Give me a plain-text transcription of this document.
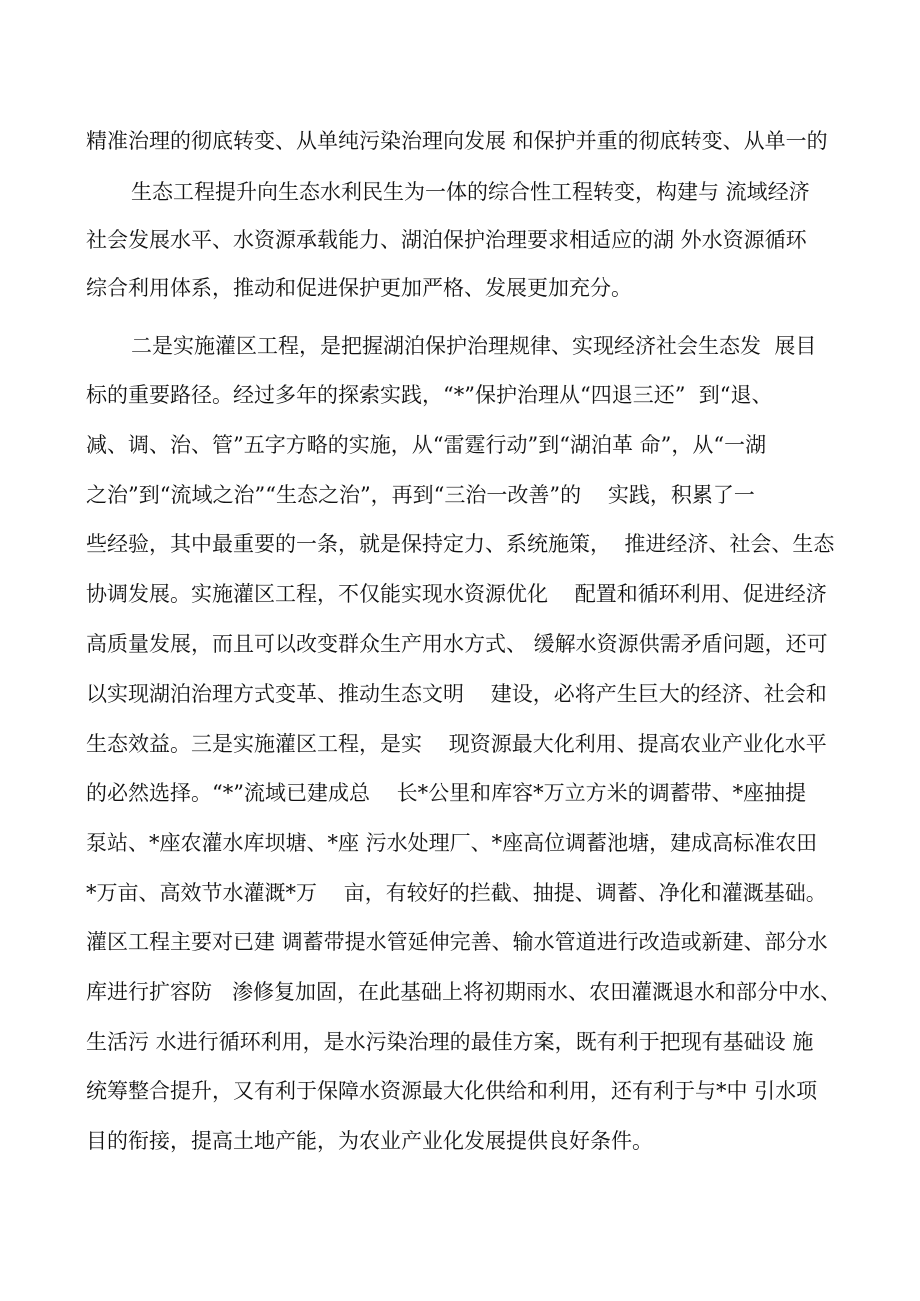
精准治理的彻底转变、从单纯污染治理向发展 和保护并重的彻底转变、从单一的
生态工程提升向生态水利民生为一体的综合性工程转变，构建与 流域经济
社会发展水平、水资源承载能力、湖泊保护治理要求相适应的湖 外水资源循环
综合利用体系，推动和促进保护更加严格、发展更加充分。
二是实施灌区工程，是把握湖泊保护治理规律、实现经济社会生态发  展目
标的重要路径。经过多年的探索实践，“*”保护治理从“四退三还”  到“退、
减、调、治、管”五字方略的实施，从“雷霆行动”到“湖泊革 命”，从“一湖
之治”到“流域之治”“生态之治”，再到“三治一改善”的    实践，积累了一
些经验，其中最重要的一条，就是保持定力、系统施策，  推进经济、社会、生态
协调发展。实施灌区工程，不仅能实现水资源优化    配置和循环利用、促进经济
高质量发展，而且可以改变群众生产用水方式、 缓解水资源供需矛盾问题，还可
以实现湖泊治理方式变革、推动生态文明    建设，必将产生巨大的经济、社会和
生态效益。三是实施灌区工程，是实    现资源最大化利用、提高农业产业化水平
的必然选择。“*”流域已建成总    长*公里和库容*万立方米的调蓄带、*座抽提
泵站、*座农灌水库坝塘、*座 污水处理厂、*座高位调蓄池塘，建成高标准农田
*万亩、高效节水灌溉*万    亩，有较好的拦截、抽提、调蓄、净化和灌溉基础。
灌区工程主要对已建 调蓄带提水管延伸完善、输水管道进行改造或新建、部分水
库进行扩容防   渗修复加固，在此基础上将初期雨水、农田灌溉退水和部分中水、
生活污 水进行循环利用，是水污染治理的最佳方案，既有利于把现有基础设 施
统筹整合提升，又有利于保障水资源最大化供给和利用，还有利于与*中 引水项
目的衔接，提高土地产能，为农业产业化发展提供良好条件。
